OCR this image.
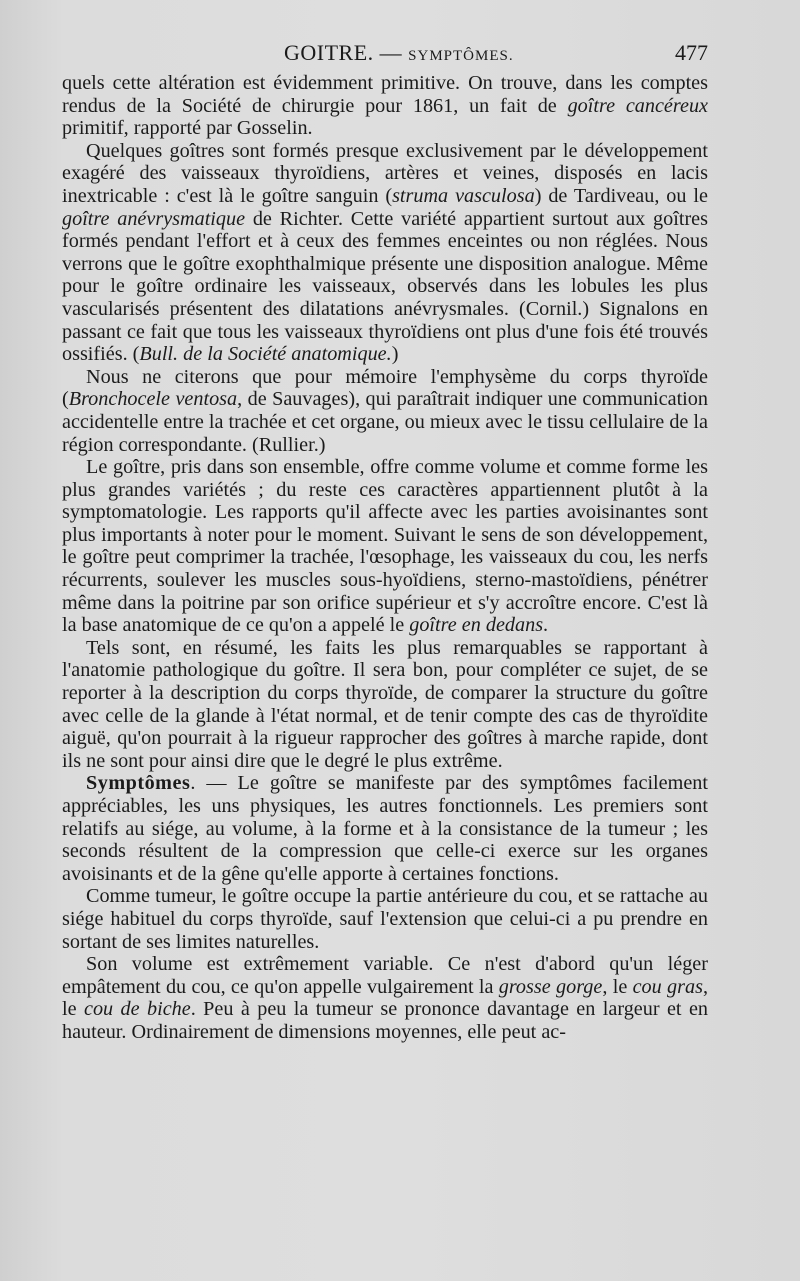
GOITRE. — SYMPTÔMES.	477

quels cette altération est évidemment primitive. On trouve, dans les comptes rendus de la Société de chirurgie pour 1861, un fait de goître cancéreux primitif, rapporté par Gosselin.

Quelques goîtres sont formés presque exclusivement par le développement exagéré des vaisseaux thyroïdiens, artères et veines, disposés en lacis inextricable : c'est là le goître sanguin (struma vasculosa) de Tardiveau, ou le goître anévrysmatique de Richter. Cette variété appartient surtout aux goîtres formés pendant l'effort et à ceux des femmes enceintes ou non réglées. Nous verrons que le goître exophthalmique présente une disposition analogue. Même pour le goître ordinaire les vaisseaux, observés dans les lobules les plus vascularisés présentent des dilatations anévrysmales. (Cornil.) Signalons en passant ce fait que tous les vaisseaux thyroïdiens ont plus d'une fois été trouvés ossifiés. (Bull. de la Société anatomique.)

Nous ne citerons que pour mémoire l'emphysème du corps thyroïde (Bronchocele ventosa, de Sauvages), qui paraîtrait indiquer une communication accidentelle entre la trachée et cet organe, ou mieux avec le tissu cellulaire de la région correspondante. (Rullier.)

Le goître, pris dans son ensemble, offre comme volume et comme forme les plus grandes variétés ; du reste ces caractères appartiennent plutôt à la symptomatologie. Les rapports qu'il affecte avec les parties avoisinantes sont plus importants à noter pour le moment. Suivant le sens de son développement, le goître peut comprimer la trachée, l'œsophage, les vaisseaux du cou, les nerfs récurrents, soulever les muscles sous-hyoïdiens, sterno-mastoïdiens, pénétrer même dans la poitrine par son orifice supérieur et s'y accroître encore. C'est là la base anatomique de ce qu'on a appelé le goître en dedans.

Tels sont, en résumé, les faits les plus remarquables se rapportant à l'anatomie pathologique du goître. Il sera bon, pour compléter ce sujet, de se reporter à la description du corps thyroïde, de comparer la structure du goître avec celle de la glande à l'état normal, et de tenir compte des cas de thyroïdite aiguë, qu'on pourrait à la rigueur rapprocher des goîtres à marche rapide, dont ils ne sont pour ainsi dire que le degré le plus extrême.

Symptômes. — Le goître se manifeste par des symptômes facilement appréciables, les uns physiques, les autres fonctionnels. Les premiers sont relatifs au siége, au volume, à la forme et à la consistance de la tumeur ; les seconds résultent de la compression que celle-ci exerce sur les organes avoisinants et de la gêne qu'elle apporte à certaines fonctions.

Comme tumeur, le goître occupe la partie antérieure du cou, et se rattache au siége habituel du corps thyroïde, sauf l'extension que celui-ci a pu prendre en sortant de ses limites naturelles.

Son volume est extrêmement variable. Ce n'est d'abord qu'un léger empâtement du cou, ce qu'on appelle vulgairement la grosse gorge, le cou gras, le cou de biche. Peu à peu la tumeur se prononce davantage en largeur et en hauteur. Ordinairement de dimensions moyennes, elle peut ac-
